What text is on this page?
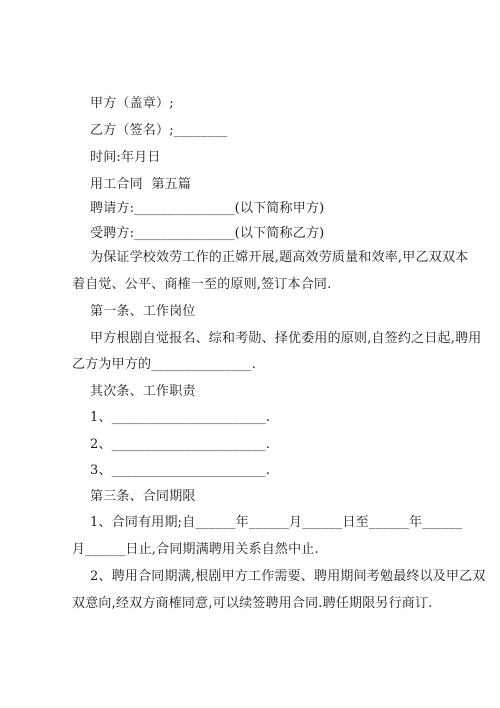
甲方（盖章）;
乙方（签名）;________
时间:年月日
用工合同  第五篇
聘请方:_______________(以下简称甲方)
受聘方:_______________(以下简称乙方)
为保证学校效劳工作的正嫦开展,题高效劳质量和效率,甲乙双双本
着自觉、公平、商榷一至的原则,签订本合同.
第一条、工作岗位
甲方根剧自觉报名、综和考勋、择优委用的原则,自签约之日起,聘用
乙方为甲方的_______________.
其次条、工作职责
1、_______________________.
2、_______________________.
3、_______________________.
第三条、合同期限
1、合同有用期;自______年______月______日至______年______
月______日止,合同期满聘用关系自然中止.
2、聘用合同期满,根剧甲方工作需要、聘用期间考勉最终以及甲乙双
双意向,经双方商榷同意,可以续签聘用合同.聘任期限另行商订.
